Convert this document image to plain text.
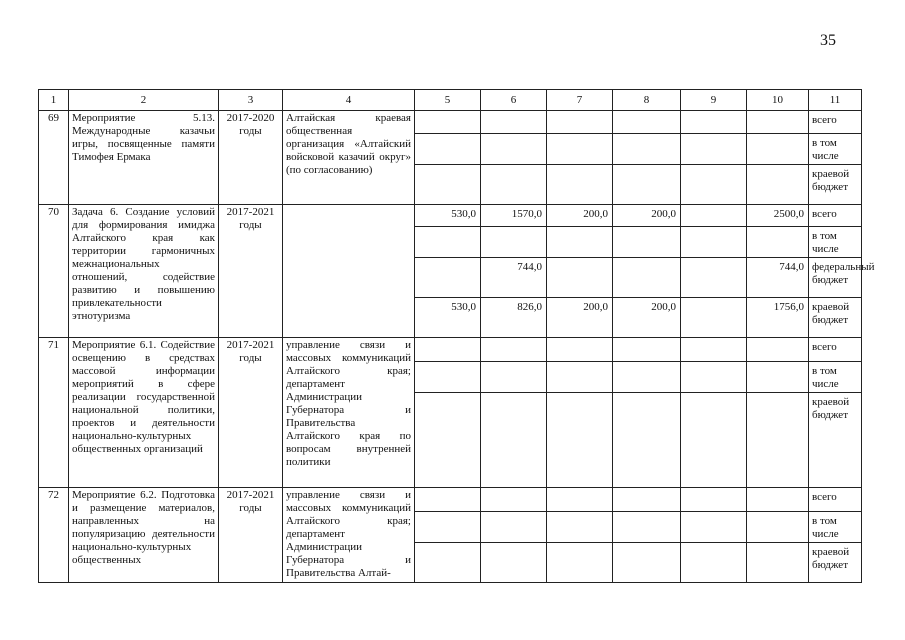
35
1	2	3	4	5	6	7	8	9	10	11
69	Мероприятие 5.13. Международные казачьи игры, посвященные памяти Тимофея Ермака	2017-2020 годы	Алтайская краевая общественная организация «Алтайский войсковой казачий округ» (по согласованию)							всего
										в том числе
										краевой бюджет
70	Задача 6. Создание условий для формирования имиджа Алтайского края как территории гармоничных межнациональных отношений, содействие развитию и повышению привлекательности этнотуризма	2017-2021 годы		530,0	1570,0	200,0	200,0		2500,0	всего
										в том числе
					744,0				744,0	федеральный бюджет
				530,0	826,0	200,0	200,0		1756,0	краевой бюджет
71	Мероприятие 6.1. Содействие освещению в средствах массовой информации мероприятий в сфере реализации государственной национальной политики, проектов и деятельности национально-культурных общественных организаций	2017-2021 годы	управление связи и массовых коммуникаций Алтайского края; департамент Администрации Губернатора и Правительства Алтайского края по вопросам внутренней политики							всего
										в том числе
										краевой бюджет
72	Мероприятие 6.2. Подготовка и размещение материалов, направленных на популяризацию деятельности национально-культурных общественных	2017-2021 годы	управление связи и массовых коммуникаций Алтайского края; департамент Администрации Губернатора и Правительства Алтай-							всего
										в том числе
										краевой бюджет
